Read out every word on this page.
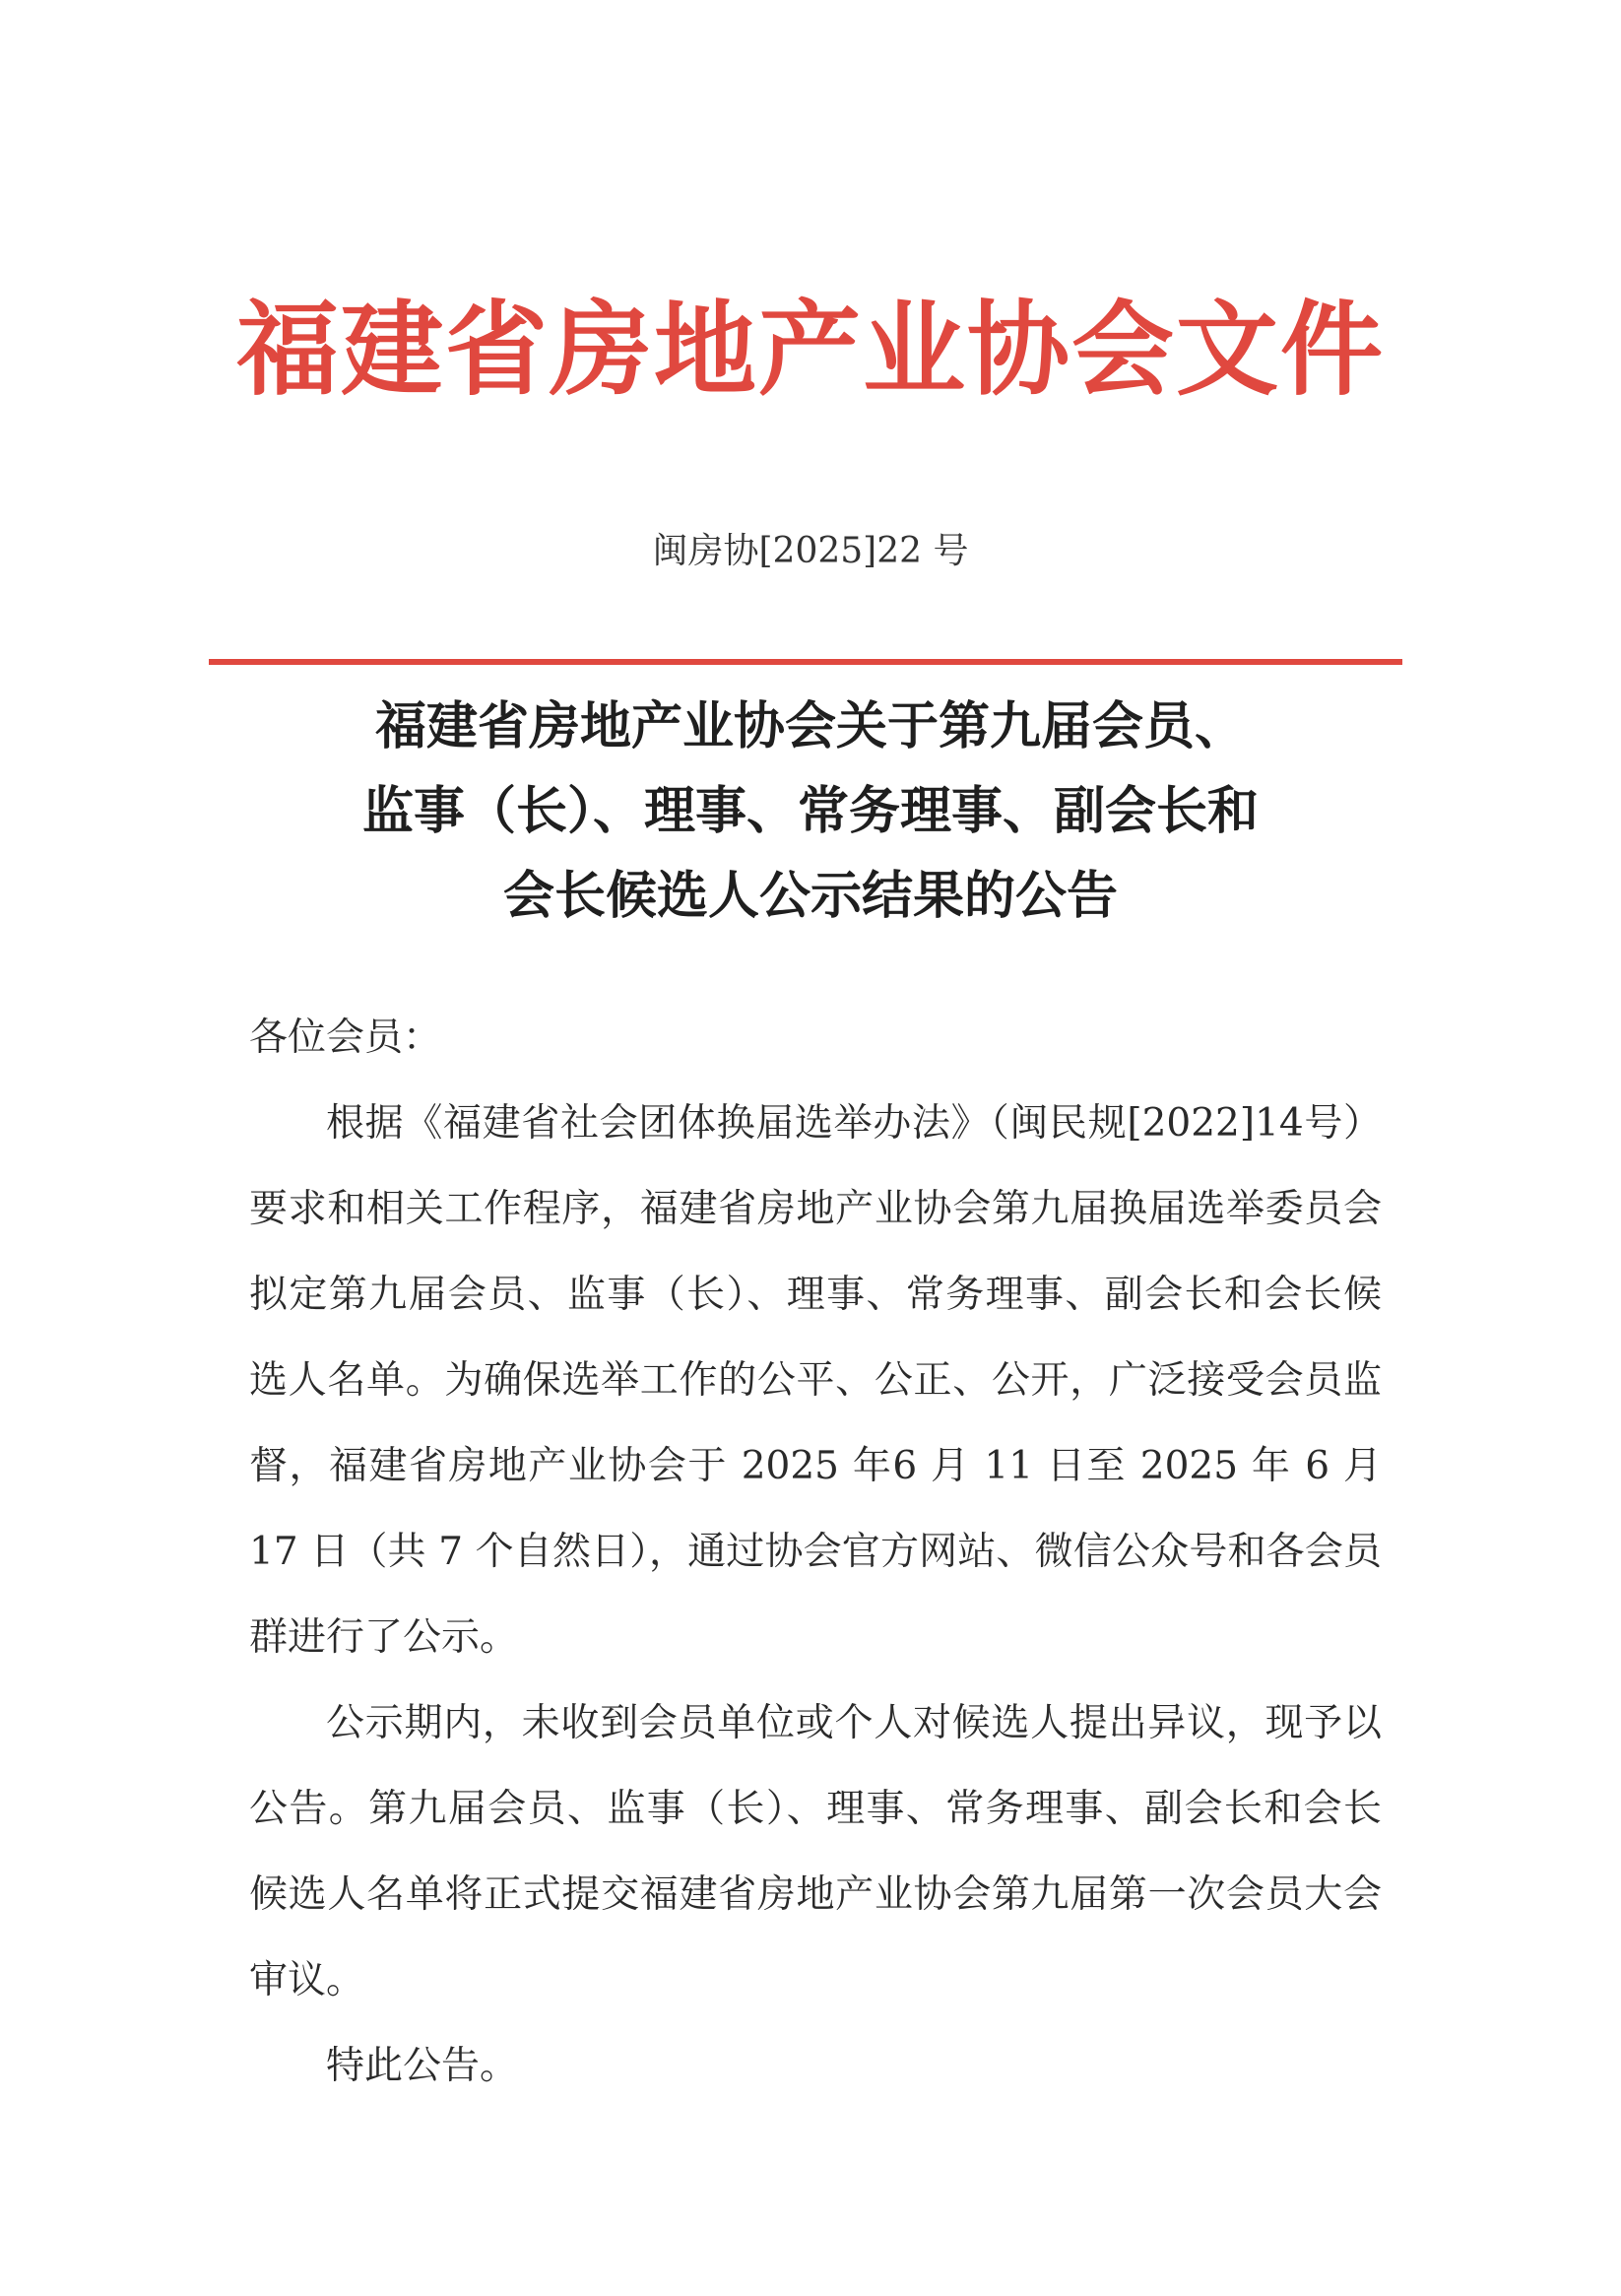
福建省房地产业协会文件
闽房协[2025]22 号
福建省房地产业协会关于第九届会员、
监事（长）、理事、常务理事、副会长和
会长候选人公示结果的公告

各位会员：

根据《福建省社会团体换届选举办法》（闽民规[2022]14号）要求和相关工作程序，福建省房地产业协会第九届换届选举委员会拟定第九届会员、监事（长）、理事、常务理事、副会长和会长候选人名单。为确保选举工作的公平、公正、公开，广泛接受会员监督，福建省房地产业协会于 2025 年6 月 11 日至 2025 年 6 月 17 日（共 7 个自然日），通过协会官方网站、微信公众号和各会员群进行了公示。

公示期内，未收到会员单位或个人对候选人提出异议，现予以公告。第九届会员、监事（长）、理事、常务理事、副会长和会长候选人名单将正式提交福建省房地产业协会第九届第一次会员大会审议。

特此公告。
